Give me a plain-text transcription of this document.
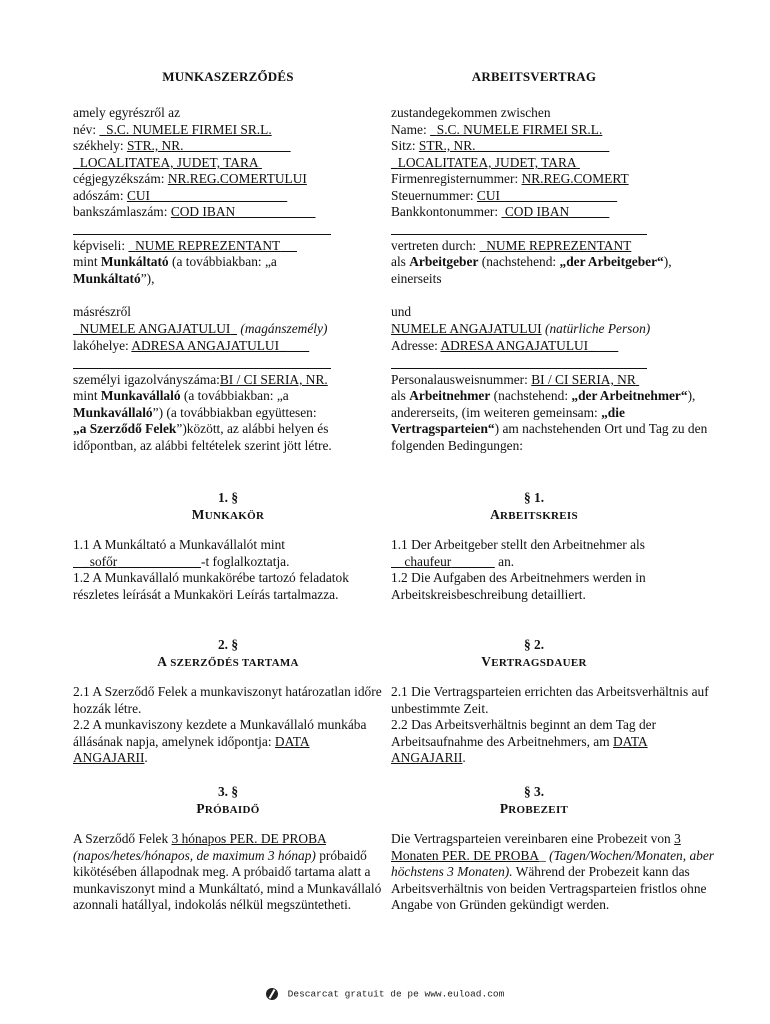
MUNKASZERZŐDÉS

amely egyrészről az

név: S.C. NUMELE FIRMEI SR.L.

székhely: STR., NR.

_LOCALITATEA, JUDET, TARA

cégjegyzékszám: NR.REG.COMERTULUI

adószám: CUI

bankszámlaszám: COD IBAN

képviseli: NUME REPREZENTANT

mint Munkáltató (a továbbiakban: „a
Munkáltató”),

másrészről

_NUMELE ANGAJATULUI (magánszemély)

lakóhelye: ADRESA ANGAJATULUI_

személyi igazolványszáma:BI / CI SERIA, NR.

mint Munkavállaló (a továbbiakban: „a
Munkavállaló”) (a továbbiakban együttesen:
„a Szerződő Felek”)között, az alábbi helyen és időpontban, az alábbi feltételek szerint jött létre.

1. §

MUNKAKÖR

1.1 A Munkáltató a Munkavállalót mint
_sofőr	-t foglalkoztatja.
1.2 A Munkavállaló munkakörébe tartozó feladatok részletes leírását a Munkaköri Leírás tartalmazza.

2. §

A SZERZŐDÉS TARTAMA

2.1 A Szerződő Felek a munkaviszonyt határozatlan időre hozzák létre.
2.2 A munkaviszony kezdete a Munkavállaló munkába állásának napja, amelynek időpontja: DATA ANGAJARII.

3. §

PRÓBAIDŐ

A Szerződő Felek 3 hónapos PER. DE PROBA (napos/hetes/hónapos, de maximum 3 hónap) próbaidő kikötésében állapodnak meg. A próbaidő tartama alatt a munkaviszonyt mind a Munkáltató, mind a Munkavállaló azonnali hatállyal, indokolás nélkül megszüntetheti.

ARBEITSVERTRAG

zustandegekommen zwischen

Name: S.C. NUMELE FIRMEI SR.L.

Sitz: STR., NR.

_LOCALITATEA, JUDET, TARA

Firmenregisternummer: NR.REG.COMERT

Steuernummer: CUI

Bankkontonummer: COD IBAN

vertreten durch: NUME REPREZENTANT

als Arbeitgeber (nachstehend: „der Arbeitgeber“), einerseits

und

NUMELE ANGAJATULUI (natürliche Person)

Adresse: ADRESA ANGAJATULUI_

Personalausweisnummer: BI / CI SERIA, NR

als Arbeitnehmer (nachstehend: „der Arbeitnehmer“), andererseits, (im weiteren gemeinsam: „die Vertragsparteien“) am nachstehenden Ort und Tag zu den folgenden Bedingungen:

§ 1.

ARBEITSKREIS

1.1 Der Arbeitgeber stellt den Arbeitnehmer als     chaufeur	an.
1.2 Die Aufgaben des Arbeitnehmers werden in Arbeitskreisbeschreibung detailliert.

§ 2.

VERTRAGSDAUER

2.1 Die Vertragsparteien errichten das Arbeitsverhältnis auf unbestimmte Zeit.
2.2 Das Arbeitsverhältnis beginnt an dem Tag der Arbeitsaufnahme des Arbeitnehmers, am DATA ANGAJARII.

§ 3.

PROBEZEIT

Die Vertragsparteien vereinbaren eine Probezeit von 3 Monaten PER. DE PROBA_ (Tagen/Wochen/Monaten, aber höchstens 3 Monaten). Während der Probezeit kann das Arbeitsverhältnis von beiden Vertragsparteien fristlos ohne Angabe von Gründen gekündigt werden.

Descarcat gratuit de pe www.euload.com
